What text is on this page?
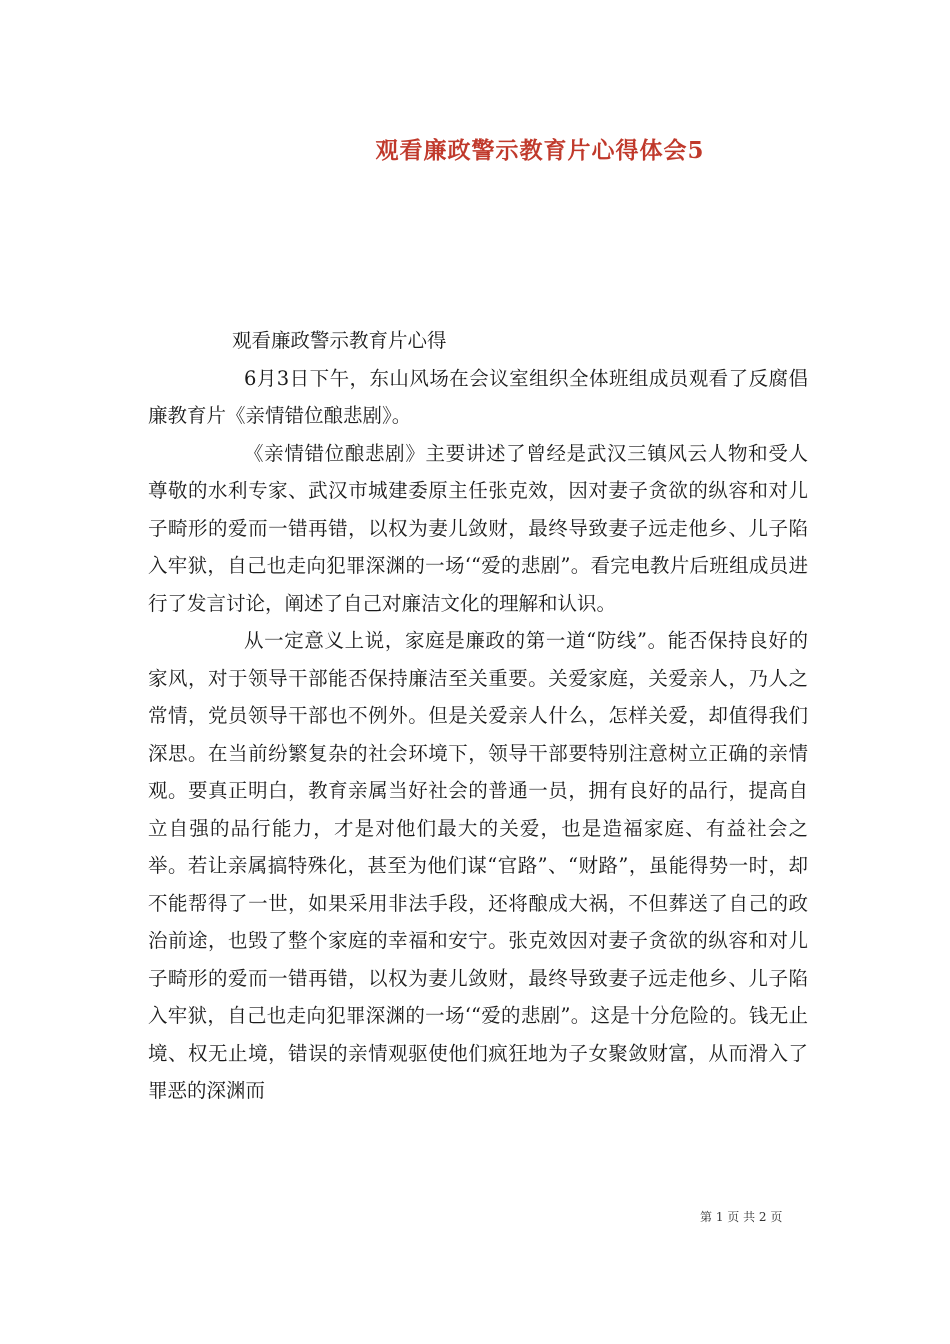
观看廉政警示教育片心得体会5

观看廉政警示教育片心得

6月3日下午，东山风场在会议室组织全体班组成员观看了反腐倡廉教育片《亲情错位酿悲剧》。

《亲情错位酿悲剧》主要讲述了曾经是武汉三镇风云人物和受人尊敬的水利专家、武汉市城建委原主任张克效，因对妻子贪欲的纵容和对儿子畸形的爱而一错再错，以权为妻儿敛财，最终导致妻子远走他乡、儿子陷入牢狱，自己也走向犯罪深渊的一场‘“爱的悲剧”。看完电教片后班组成员进行了发言讨论，阐述了自己对廉洁文化的理解和认识。

从一定意义上说，家庭是廉政的第一道“防线”。能否保持良好的家风，对于领导干部能否保持廉洁至关重要。关爱家庭，关爱亲人，乃人之常情，党员领导干部也不例外。但是关爱亲人什么，怎样关爱，却值得我们深思。在当前纷繁复杂的社会环境下，领导干部要特别注意树立正确的亲情观。要真正明白，教育亲属当好社会的普通一员，拥有良好的品行，提高自立自强的品行能力，才是对他们最大的关爱，也是造福家庭、有益社会之举。若让亲属搞特殊化，甚至为他们谋“官路”、“财路”，虽能得势一时，却不能帮得了一世，如果采用非法手段，还将酿成大祸，不但葬送了自己的政治前途，也毁了整个家庭的幸福和安宁。张克效因对妻子贪欲的纵容和对儿子畸形的爱而一错再错，以权为妻儿敛财，最终导致妻子远走他乡、儿子陷入牢狱，自己也走向犯罪深渊的一场‘“爱的悲剧”。这是十分危险的。钱无止境、权无止境，错误的亲情观驱使他们疯狂地为子女聚敛财富，从而滑入了罪恶的深渊而

第 1 页 共 2 页
